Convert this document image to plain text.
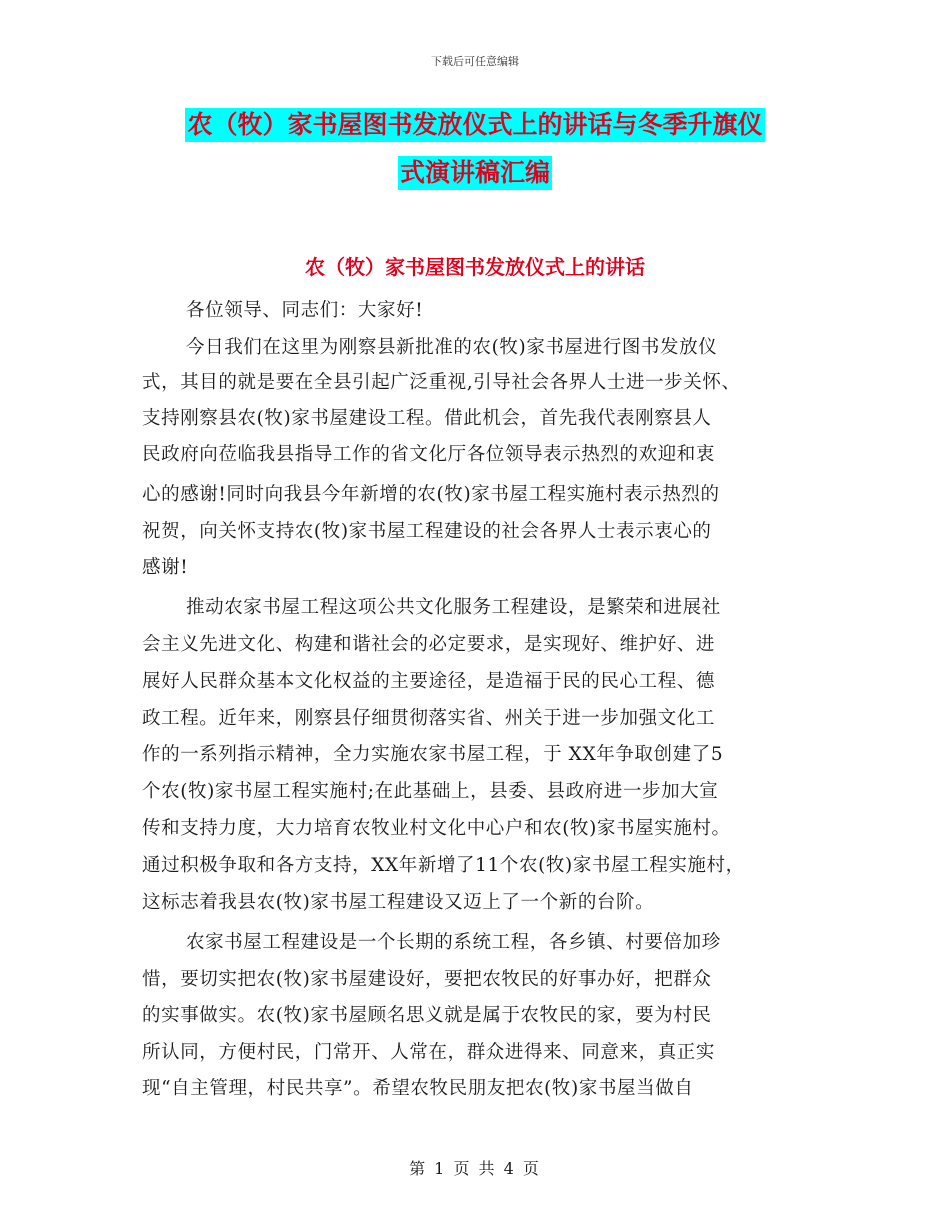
下载后可任意编辑
农（牧）家书屋图书发放仪式上的讲话与冬季升旗仪
式演讲稿汇编
农（牧）家书屋图书发放仪式上的讲话
各位领导、同志们：大家好!
今日我们在这里为刚察县新批准的农(牧)家书屋进行图书发放仪
式，其目的就是要在全县引起广泛重视,引导社会各界人士进一步关怀、
支持刚察县农(牧)家书屋建设工程。借此机会，首先我代表刚察县人
民政府向莅临我县指导工作的省文化厅各位领导表示热烈的欢迎和衷
心的感谢!同时向我县今年新增的农(牧)家书屋工程实施村表示热烈的
祝贺，向关怀支持农(牧)家书屋工程建设的社会各界人士表示衷心的
感谢!
推动农家书屋工程这项公共文化服务工程建设，是繁荣和进展社
会主义先进文化、构建和谐社会的必定要求，是实现好、维护好、进
展好人民群众基本文化权益的主要途径，是造福于民的民心工程、德
政工程。近年来，刚察县仔细贯彻落实省、州关于进一步加强文化工
作的一系列指示精神，全力实施农家书屋工程，于 XX年争取创建了5
个农(牧)家书屋工程实施村;在此基础上，县委、县政府进一步加大宣
传和支持力度，大力培育农牧业村文化中心户和农(牧)家书屋实施村。
通过积极争取和各方支持，XX年新增了11个农(牧)家书屋工程实施村，
这标志着我县农(牧)家书屋工程建设又迈上了一个新的台阶。
农家书屋工程建设是一个长期的系统工程，各乡镇、村要倍加珍
惜，要切实把农(牧)家书屋建设好，要把农牧民的好事办好，把群众
的实事做实。农(牧)家书屋顾名思义就是属于农牧民的家，要为村民
所认同，方便村民，门常开、人常在，群众进得来、同意来，真正实
现“自主管理，村民共享”。希望农牧民朋友把农(牧)家书屋当做自
第 1 页 共 4 页
